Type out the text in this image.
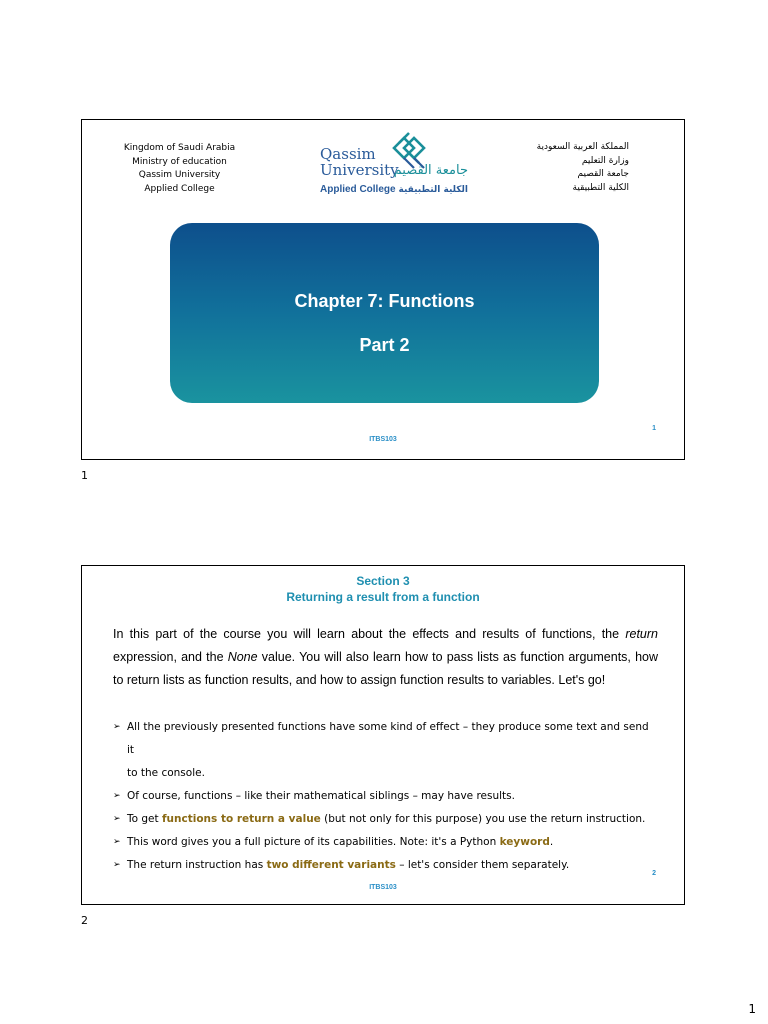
Kingdom of Saudi Arabia
Ministry of education
Qassim University
Applied College
Qassim
University
جامعة القصيم
Applied College الكلية التطبيقية
المملكة العربية السعودية
وزارة التعليم
جامعة القصيم
الكلية التطبيقية
Chapter 7: Functions
Part 2
1
ITBS103
1
Section 3
Returning a result from a function
In this part of the course you will learn about the effects and results of functions, the return expression, and the None value. You will also learn how to pass lists as function arguments, how to return lists as function results, and how to assign function results to variables. Let's go!
➢ All the previously presented functions have some kind of effect – they produce some text and send it
to the console.
➢ Of course, functions – like their mathematical siblings – may have results.
➢ To get functions to return a value (but not only for this purpose) you use the return instruction.
➢ This word gives you a full picture of its capabilities. Note: it's a Python keyword.
➢ The return instruction has two different variants – let's consider them separately.
2
ITBS103
2
1
